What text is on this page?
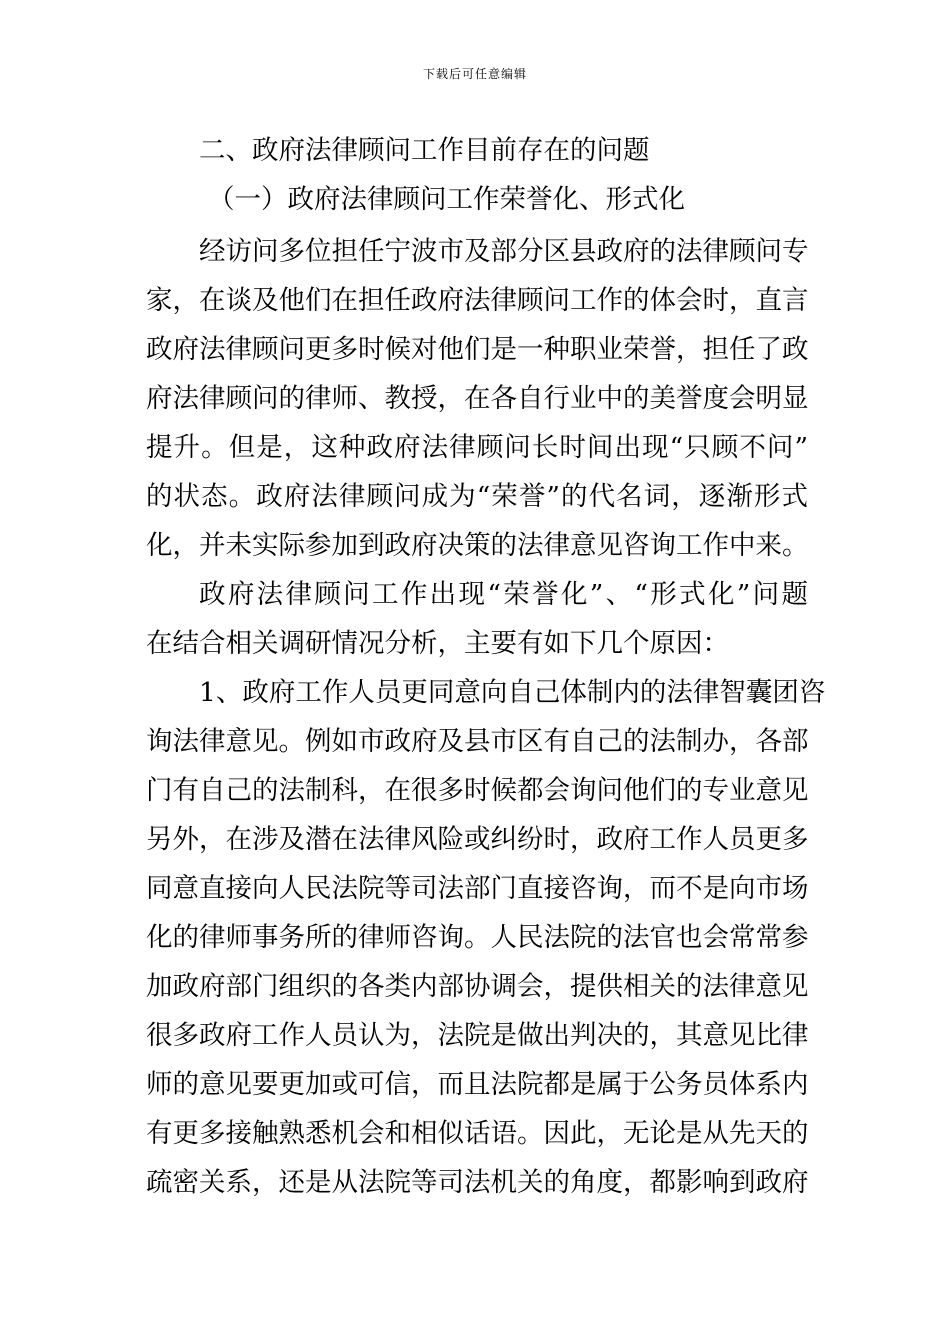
下载后可任意编辑
二、政府法律顾问工作目前存在的问题
（一）政府法律顾问工作荣誉化、形式化
经访问多位担任宁波市及部分区县政府的法律顾问专
家，在谈及他们在担任政府法律顾问工作的体会时，直言
政府法律顾问更多时候对他们是一种职业荣誉，担任了政
府法律顾问的律师、教授，在各自行业中的美誉度会明显
提升。但是，这种政府法律顾问长时间出现“只顾不问”
的状态。政府法律顾问成为“荣誉”的代名词，逐渐形式
化，并未实际参加到政府决策的法律意见咨询工作中来。
政府法律顾问工作出现“荣誉化”、“形式化”问题
在结合相关调研情况分析，主要有如下几个原因：
1、政府工作人员更同意向自己体制内的法律智囊团咨
询法律意见。例如市政府及县市区有自己的法制办，各部
门有自己的法制科，在很多时候都会询问他们的专业意见
另外，在涉及潜在法律风险或纠纷时，政府工作人员更多
同意直接向人民法院等司法部门直接咨询，而不是向市场
化的律师事务所的律师咨询。人民法院的法官也会常常参
加政府部门组织的各类内部协调会，提供相关的法律意见
很多政府工作人员认为，法院是做出判决的，其意见比律
师的意见要更加或可信，而且法院都是属于公务员体系内
有更多接触熟悉机会和相似话语。因此，无论是从先天的
疏密关系，还是从法院等司法机关的角度，都影响到政府
